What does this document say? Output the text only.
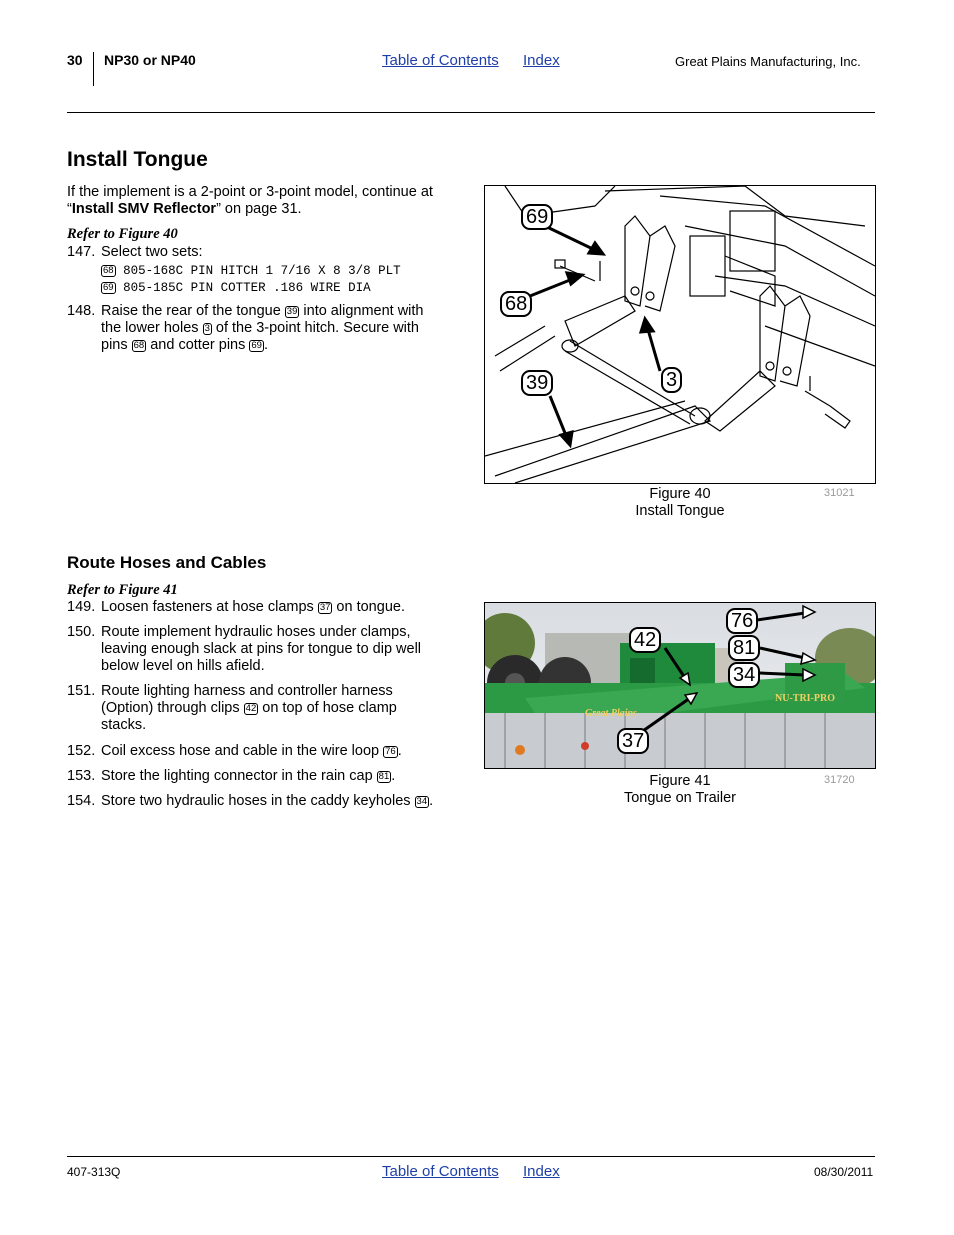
30 NP30 or NP40	Table of Contents Index	Great Plains Manufacturing, Inc.
Install Tongue
If the implement is a 2-point or 3-point model, continue at “Install SMV Reflector” on page 31.
Refer to Figure 40
147. Select two sets:
68 805-168C PIN HITCH 1 7/16 X 8 3/8 PLT
69 805-185C PIN COTTER .186 WIRE DIA
148. Raise the rear of the tongue 39 into alignment with
the lower holes 3 of the 3-point hitch. Secure with
pins 68 and cotter pins 69 .
69
68
39	3
Figure 40
Install Tongue
31021
Route Hoses and Cables
Refer to Figure 41
149. Loosen fasteners at hose clamps 37 on tongue.
150. Route implement hydraulic hoses under clamps,
leaving enough slack at pins for tongue to dip well
below level on hills afield.
151. Route lighting harness and controller harness
(Option) through clips 42 on top of hose clamp
stacks.
152. Coil excess hose and cable in the wire loop 76 .
153. Store the lighting connector in the rain cap 81 .
154. Store two hydraulic hoses in the caddy keyholes 34 .
Great Plains
NU-TRI-PRO
76
42	81
34
37
Figure 41
Tongue on Trailer
31720
407-313Q	Table of Contents Index	08/30/2011
